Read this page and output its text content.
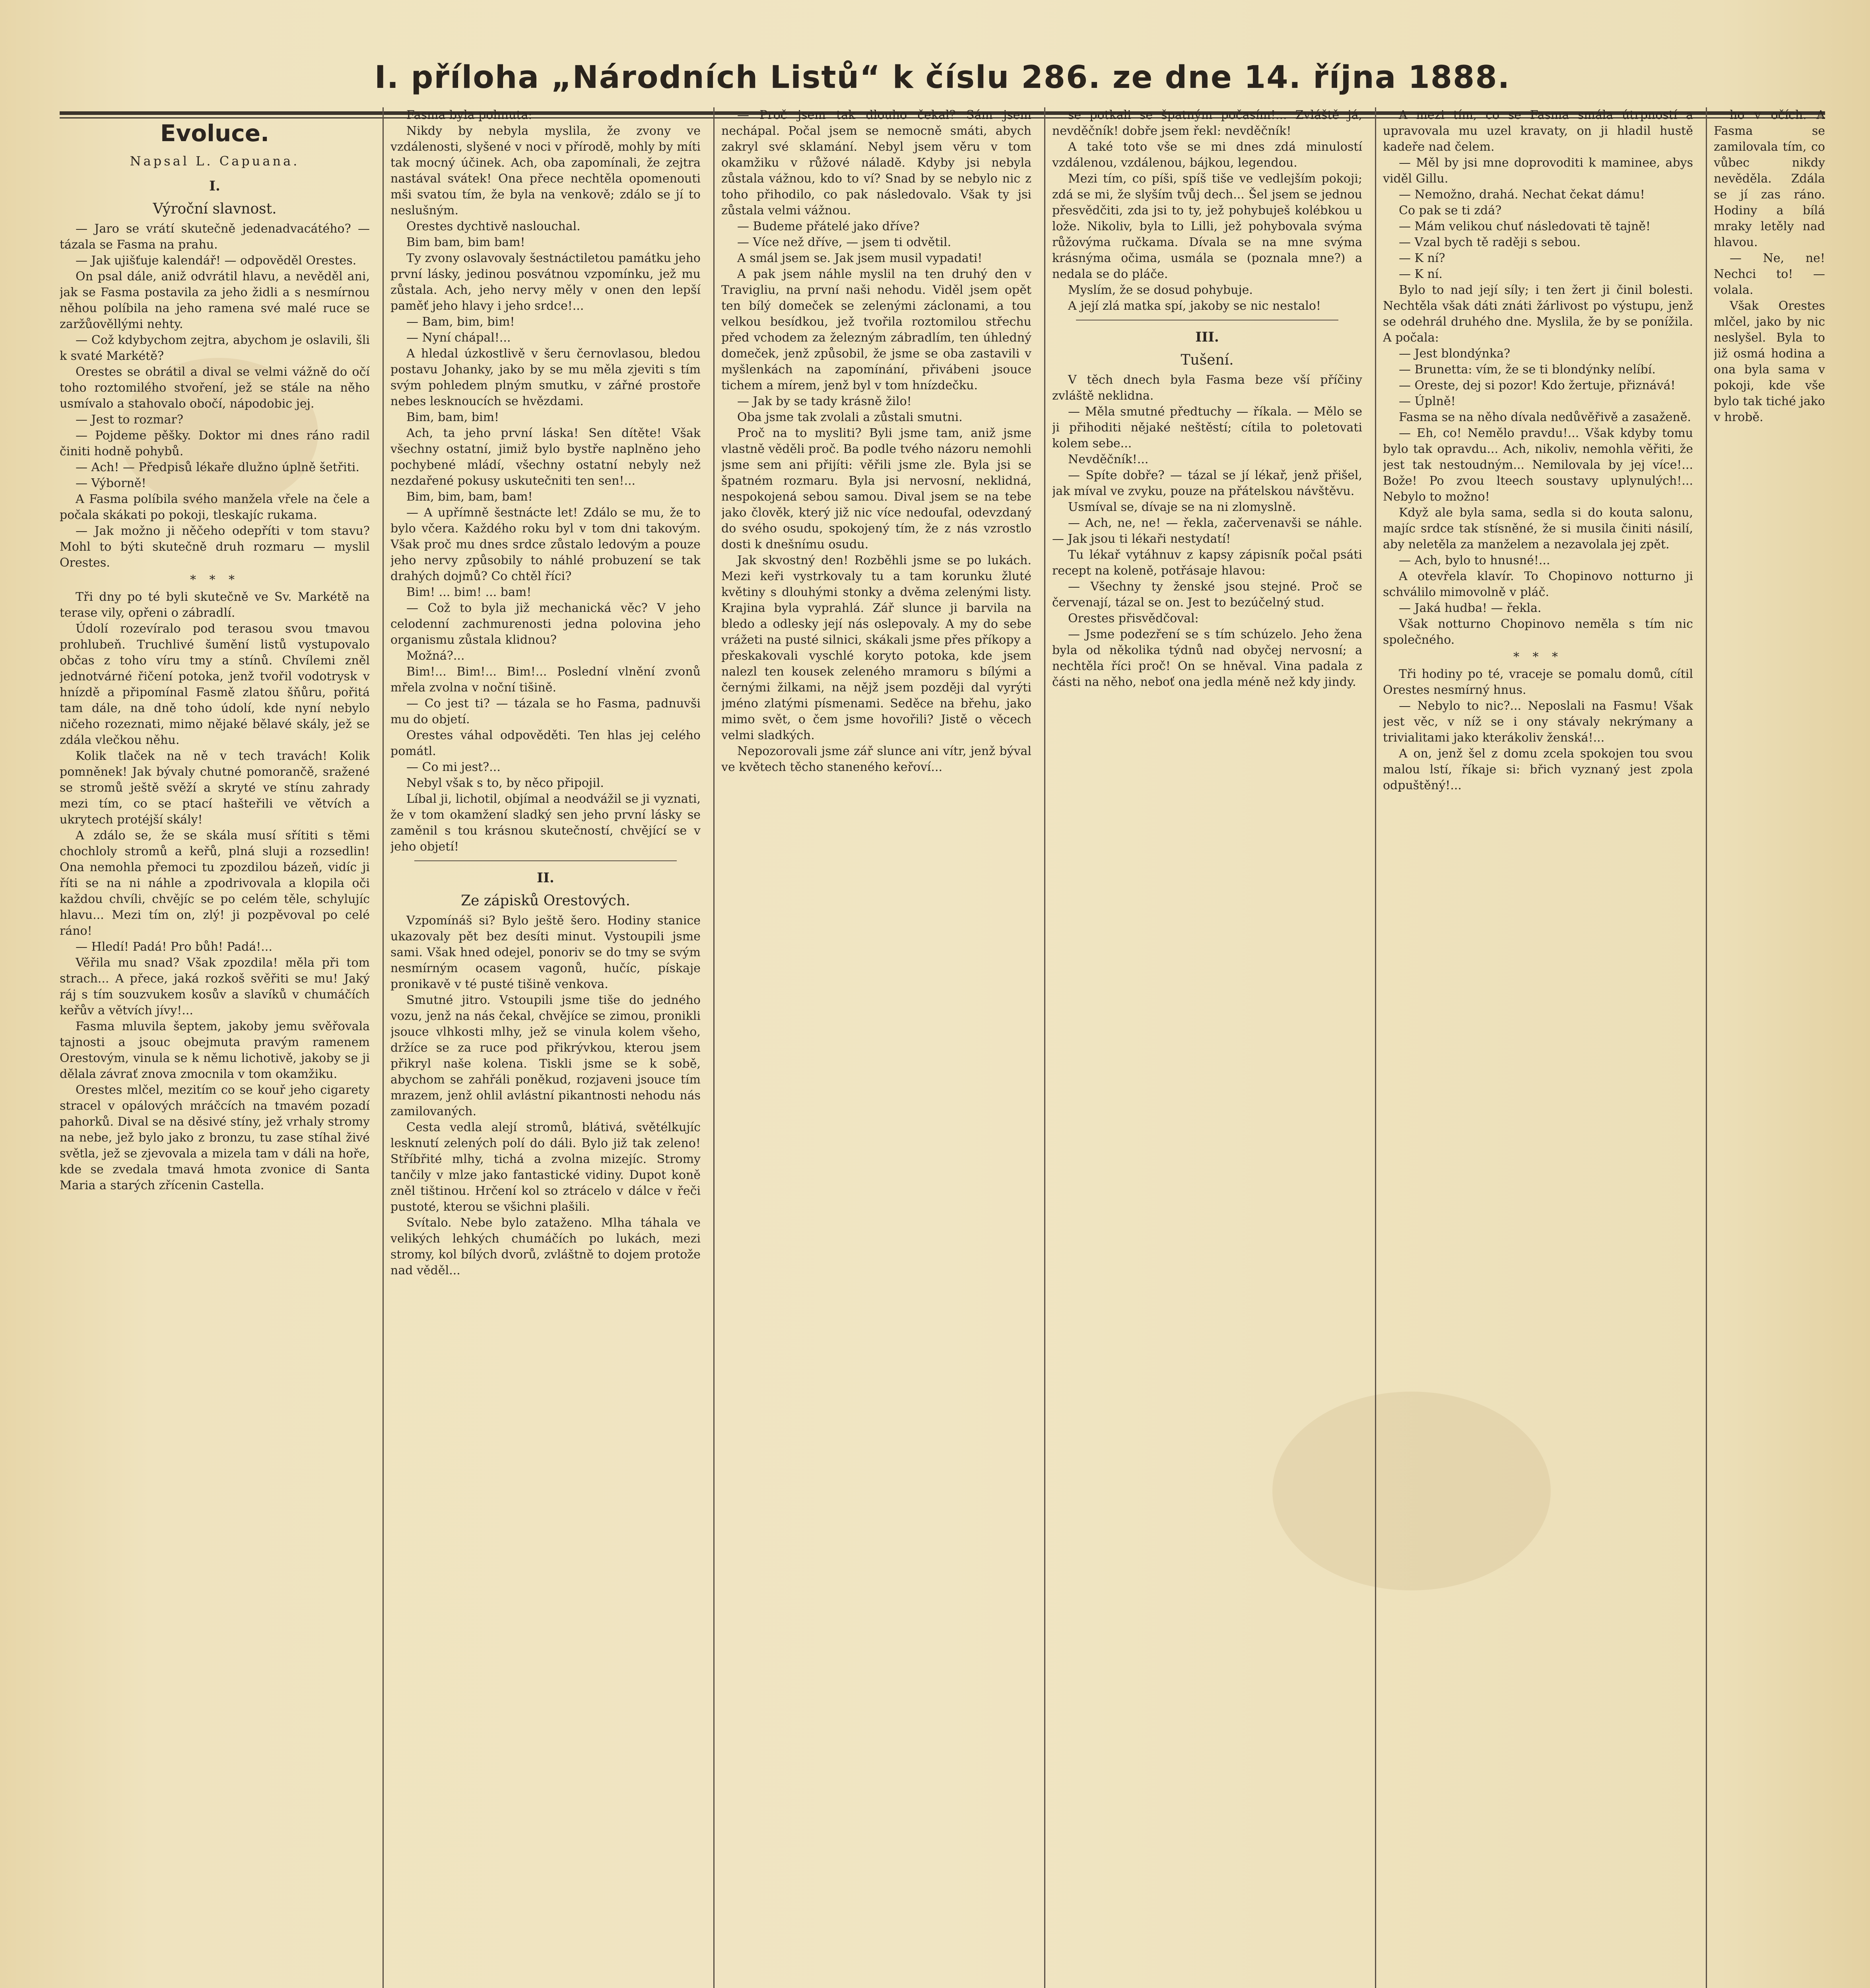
I. příloha „Národních Listů“ k číslu 286. ze dne 14. října 1888.
Evoluce.
Napsal L. Capuana.
I.
Výroční slavnost.

— Jaro se vrátí skutečně jedenadvacátého? — tázala se Fasma na prahu.

— Jak ujišťuje kalendář! — odpověděl Orestes.

On psal dále, aniž odvrátil hlavu, a nevěděl ani, jak se Fasma postavila za jeho židli a s nesmírnou něhou políbila na jeho ramena své malé ruce se zaržůověllými nehty.

— Což kdybychom zejtra, abychom je oslavili, šli k svaté Markétě?

Orestes se obrátil a dival se velmi vážně do očí toho roztomilého stvoření, jež se stále na něho usmívalo a stahovalo obočí, nápodobic jej.

— Jest to rozmar?

— Pojdeme pěšky. Doktor mi dnes ráno radil činiti hodně pohybů.

— Ach! — Předpisů lékaře dlužno úplně šetřiti.

— Výborně!

A Fasma políbila svého manžela vřele na čele a počala skákati po pokoji, tleskajíc rukama.

— Jak možno ji něčeho odepříti v tom stavu? Mohl to býti skutečně druh rozmaru — myslil Orestes.

* * *

Tři dny po té byli skutečně ve Sv. Markétě na terase vily, opřeni o zábradlí.

Údolí rozevíralo pod terasou svou tmavou prohlubeň. Truchlivé šumění listů vystupovalo občas z toho víru tmy a stínů. Chvílemi zněl jednotvárné řičení potoka, jenž tvořil vodotrysk v hnízdě a připomínal Fasmě zlatou šňůru, pořitá tam dále, na dně toho údolí, kde nyní nebylo ničeho rozeznati, mimo nějaké bělavé skály, jež se zdála vlečkou něhu.

Kolik tlaček na ně v tech travách! Kolik pomněnek! Jak bývaly chutné pomorančě, sražené se stromů ještě svěží a skryté ve stínu zahrady mezi tím, co se ptací hašteřili ve větvích a ukrytech protéjší skály!

A zdálo se, že se skála musí sřítiti s těmi chochloly stromů a keřů, plná sluji a rozsedlin! Ona nemohla přemoci tu zpozdilou bázeň, vidíc ji říti se na ni náhle a zpodrivovala a klopila oči každou chvíli, chvějíc se po celém těle, schylujíc hlavu... Mezi tím on, zlý! ji pozpěvoval po celé ráno!

— Hledí! Padá! Pro bůh! Padá!...

Věřila mu snad? Však zpozdila! měla při tom strach... A přece, jaká rozkoš svěřiti se mu! Jaký ráj s tím souzvukem kosův a slavíků v chumáčích keřův a větvích jívy!...

Fasma mluvila šeptem, jakoby jemu svěřovala tajnosti a jsouc obejmuta pravým ramenem Orestovým, vinula se k němu lichotivě, jakoby se ji dělala závrať znova zmocnila v tom okamžiku.

Orestes mlčel, mezitím co se kouř jeho cigarety stracel v opálových mráčcích na tmavém pozadí pahorků. Dival se na děsivé stíny, jež vrhaly stromy na nebe, jež bylo jako z bronzu, tu zase stíhal živé světla, jež se zjevovala a mizela tam v dáli na hoře, kde se zvedala tmavá hmota zvonice di Santa Maria a starých zřícenin Castella.

Fasma byla pohnuta:

Nikdy by nebyla myslila, že zvony ve vzdálenosti, slyšené v noci v přírodě, mohly by míti tak mocný účinek. Ach, oba zapomínali, že zejtra nastával svátek! Ona přece nechtěla opomenouti mši svatou tím, že byla na venkově; zdálo se jí to neslušným.

Orestes dychtivě naslouchal.

Bim bam, bim bam!

Ty zvony oslavovaly šestnáctiletou památku jeho první lásky, jedinou posvátnou vzpomínku, jež mu zůstala. Ach, jeho nervy měly v onen den lepší paměť jeho hlavy i jeho srdce!...

— Bam, bim, bim!

— Nyní chápal!...

A hledal úzkostlivě v šeru černovlasou, bledou postavu Johanky, jako by se mu měla zjeviti s tím svým pohledem plným smutku, v zářné prostoře nebes lesknoucích se hvězdami.

Bim, bam, bim!

Ach, ta jeho první láska! Sen dítěte! Však všechny ostatní, jimiž bylo bystře naplněno jeho pochybené mládí, všechny ostatní nebyly než nezdařené pokusy uskutečniti ten sen!...

Bim, bim, bam, bam!

— A upřímně šestnácte let! Zdálo se mu, že to bylo včera. Každého roku byl v tom dni takovým. Však proč mu dnes srdce zůstalo ledovým a pouze jeho nervy způsobily to náhlé probuzení se tak drahých dojmů? Co chtěl říci?

Bim! ... bim! ... bam!

— Což to byla již mechanická věc? V jeho celodenní zachmurenosti jedna polovina jeho organismu zůstala klidnou?

Možná?...

Bim!... Bim!... Bim!... Poslední vlnění zvonů mřela zvolna v noční tišině.

— Co jest ti? — tázala se ho Fasma, padnuvši mu do objetí.

Orestes váhal odpověděti. Ten hlas jej celého pomátl.

— Co mi jest?...

Nebyl však s to, by něco připojil.

Líbal ji, lichotil, objímal a neodvážil se ji vyznati, že v tom okamžení sladký sen jeho první lásky se zaměnil s tou krásnou skutečností, chvějící se v jeho objetí!

II.
Ze zápisků Orestových.

Vzpomínáš si? Bylo ještě šero. Hodiny stanice ukazovaly pět bez desíti minut. Vystoupili jsme sami. Však hned odejel, ponoriv se do tmy se svým nesmírným ocasem vagonů, hučíc, pískaje pronikavě v té pusté tišině venkova.

Smutné jitro. Vstoupili jsme tiše do jedného vozu, jenž na nás čekal, chvějíce se zimou, pronikli jsouce vlhkosti mlhy, jež se vinula kolem všeho, držíce se za ruce pod přikrývkou, kterou jsem přikryl naše kolena. Tiskli jsme se k sobě, abychom se zahřáli poněkud, rozjaveni jsouce tím mrazem, jenž ohlil avlástní pikantnosti nehodu nás zamilovaných.

Cesta vedla alejí stromů, blátivá, světélkujíc lesknutí zelených polí do dáli. Bylo již tak zeleno! Stříbřité mlhy, tichá a zvolna mizejíc. Stromy tančily v mlze jako fantastické vidiny. Dupot koně zněl tištinou. Hrčení kol so ztrácelo v dálce v řeči pustoté, kterou se všichni plašili.

Svítalo. Nebe bylo zataženo. Mlha táhala ve velikých lehkých chumáčích po lukách, mezi stromy, kol bílých dvorů, zvláštně to dojem protože nad věděl...

— Proč jsem tak dlouho čekal? Sám jsem nechápal. Počal jsem se nemocně smáti, abych zakryl své sklamání. Nebyl jsem věru v tom okamžiku v růžové náladě. Kdyby jsi nebyla zůstala vážnou, kdo to ví? Snad by se nebylo nic z toho přihodilo, co pak následovalo. Však ty jsi zůstala velmi vážnou.

— Budeme přátelé jako dříve?

— Více než dříve, — jsem ti odvětil.

A smál jsem se. Jak jsem musil vypadati!

A pak jsem náhle myslil na ten druhý den v Travigliu, na první naši nehodu. Viděl jsem opět ten bílý domeček se zelenými záclonami, a tou velkou besídkou, jež tvořila roztomilou střechu před vchodem za železným zábradlím, ten úhledný domeček, jenž způsobil, že jsme se oba zastavili v myšlenkách na zapomínání, přivábeni jsouce tichem a mírem, jenž byl v tom hnízdečku.

— Jak by se tady krásně žilo!

Oba jsme tak zvolali a zůstali smutni.

Proč na to mysliti? Byli jsme tam, aniž jsme vlastně věděli proč. Ba podle tvého názoru nemohli jsme sem ani přijíti: věřili jsme zle. Byla jsi se špatném rozmaru. Byla jsi nervosní, neklidná, nespokojená sebou samou. Dival jsem se na tebe jako člověk, který již nic více nedoufal, odevzdaný do svého osudu, spokojený tím, že z nás vzrostlo dosti k dnešnímu osudu.

Jak skvostný den! Rozběhli jsme se po lukách. Mezi keři vystrkovaly tu a tam korunku žluté květiny s dlouhými stonky a dvěma zelenými listy. Krajina byla vyprahlá. Zář slunce ji barvila na bledo a odlesky její nás oslepovaly. A my do sebe vrážeti na pusté silnici, skákali jsme přes příkopy a přeskakovali vyschlé koryto potoka, kde jsem nalezl ten kousek zeleného mramoru s bílými a černými žilkami, na nějž jsem později dal vyrýti jméno zlatými písmenami. Seděce na břehu, jako mimo svět, o čem jsme hovořili? Jistě o věcech velmi sladkých.

Nepozorovali jsme zář slunce ani vítr, jenž býval ve květech těcho staneného keřoví...

se potkali se špatným počasím!... Zvláště já, nevděčník! dobře jsem řekl: nevděčník!

A také toto vše se mi dnes zdá minulostí vzdálenou, vzdálenou, bájkou, legendou.

Mezi tím, co píši, spíš tiše ve vedlejším pokoji; zdá se mi, že slyším tvůj dech... Šel jsem se jednou přesvědčiti, zda jsi to ty, jež pohybuješ kolébkou u lože. Nikoliv, byla to Lilli, jež pohybovala svýma růžovýma ručkama. Dívala se na mne svýma krásnýma očima, usmála se (poznala mne?) a nedala se do pláče.

Myslím, že se dosud pohybuje.

A její zlá matka spí, jakoby se nic nestalo!

III.
Tušení.

V těch dnech byla Fasma beze vší příčiny zvláště neklidna.

— Měla smutné předtuchy — říkala. — Mělo se ji přihoditi nějaké neštěstí; cítila to poletovati kolem sebe...

Nevděčník!...

— Spíte dobře? — tázal se jí lékař, jenž přišel, jak míval ve zvyku, pouze na přátelskou návštěvu.

Usmíval se, dívaje se na ni zlomyslně.

— Ach, ne, ne! — řekla, začervenavši se náhle. — Jak jsou ti lékaři nestydatí!

Tu lékař vytáhnuv z kapsy zápisník počal psáti recept na koleně, potřásaje hlavou:

— Všechny ty ženské jsou stejné. Proč se červenají, tázal se on. Jest to bezúčelný stud.

Orestes přisvědčoval:

— Jsme podezření se s tím schúzelo. Jeho žena byla od několika týdnů nad obyčej nervosní; a nechtěla říci proč! On se hněval. Vina padala z části na něho, neboť ona jedla méně než kdy jindy.

A mezi tím, co se Fasma smála útrpností a upravovala mu uzel kravaty, on ji hladil hustě kadeře nad čelem.

— Měl by jsi mne doprovoditi k maminee, abys viděl Gillu.

— Nemožno, drahá. Nechat čekat dámu!

Co pak se ti zdá?

— Mám velikou chuť následovati tě tajně!

— Vzal bych tě raději s sebou.

— K ní?

— K ní.

Bylo to nad její síly; i ten žert ji činil bolesti. Nechtěla však dáti znáti žárlivost po výstupu, jenž se odehrál druhého dne. Myslila, že by se ponížila. A počala:

— Jest blondýnka?

— Brunetta: vím, že se ti blondýnky nelíbí.

— Oreste, dej si pozor! Kdo žertuje, přiznává!

— Úplně!

Fasma se na něho dívala nedůvěřivě a zasaženě.

— Eh, co! Nemělo pravdu!... Však kdyby tomu bylo tak opravdu... Ach, nikoliv, nemohla věřiti, že jest tak nestoudným... Nemilovala by jej více!... Bože! Po zvou lteech soustavy uplynulých!... Nebylo to možno!

Když ale byla sama, sedla si do kouta salonu, majíc srdce tak stísněné, že si musila činiti násilí, aby neletěla za manželem a nezavolala jej zpět.

— Ach, bylo to hnusné!...

A otevřela klavír. To Chopinovo notturno ji schválilo mimovolně v pláč.

— Jaká hudba! — řekla.

Však notturno Chopinovo neměla s tím nic společného.

* * *

Tři hodiny po té, vraceje se pomalu domů, cítil Orestes nesmírný hnus.

— Nebylo to nic?... Neposlali na Fasmu! Však jest věc, v níž se i ony stávaly nekrýmany a trivialitami jako kterákoliv ženská!...

A on, jenž šel z domu zcela spokojen tou svou malou lstí, říkaje si: břich vyznaný jest zpola odpuštěný!...

ho v očích. A Fasma se zamilovala tím, co vůbec nikdy nevěděla. Zdála se jí zas ráno. Hodiny a bílá mraky letěly nad hlavou.

— Ne, ne! Nechci to! — volala.

Však Orestes mlčel, jako by nic neslyšel. Byla to již osmá hodina a ona byla sama v pokoji, kde vše bylo tak tiché jako v hrobě.
